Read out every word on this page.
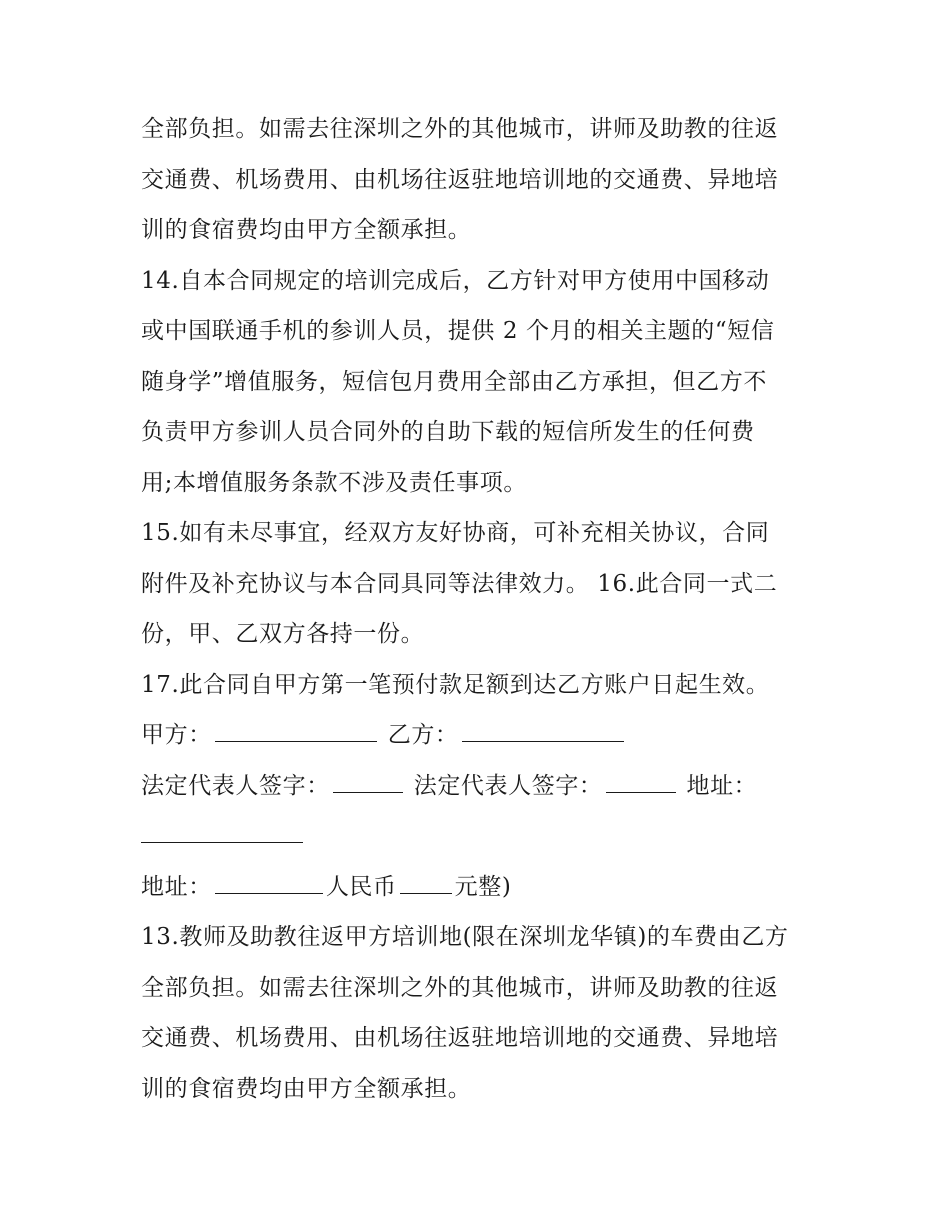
全部负担。如需去往深圳之外的其他城市，讲师及助教的往返
交通费、机场费用、由机场往返驻地培训地的交通费、异地培
训的食宿费均由甲方全额承担。
14.自本合同规定的培训完成后，乙方针对甲方使用中国移动
或中国联通手机的参训人员，提供 2 个月的相关主题的“短信
随身学”增值服务，短信包月费用全部由乙方承担，但乙方不
负责甲方参训人员合同外的自助下载的短信所发生的任何费
用;本增值服务条款不涉及责任事项。
15.如有未尽事宜，经双方友好协商，可补充相关协议，合同
附件及补充协议与本合同具同等法律效力。 16.此合同一式二
份，甲、乙双方各持一份。
17.此合同自甲方第一笔预付款足额到达乙方账户日起生效。
甲方：	乙方：
法定代表人签字：	法定代表人签字：	地址：
地址：	人民币	元整)
13.教师及助教往返甲方培训地(限在深圳龙华镇)的车费由乙方
全部负担。如需去往深圳之外的其他城市，讲师及助教的往返
交通费、机场费用、由机场往返驻地培训地的交通费、异地培
训的食宿费均由甲方全额承担。
